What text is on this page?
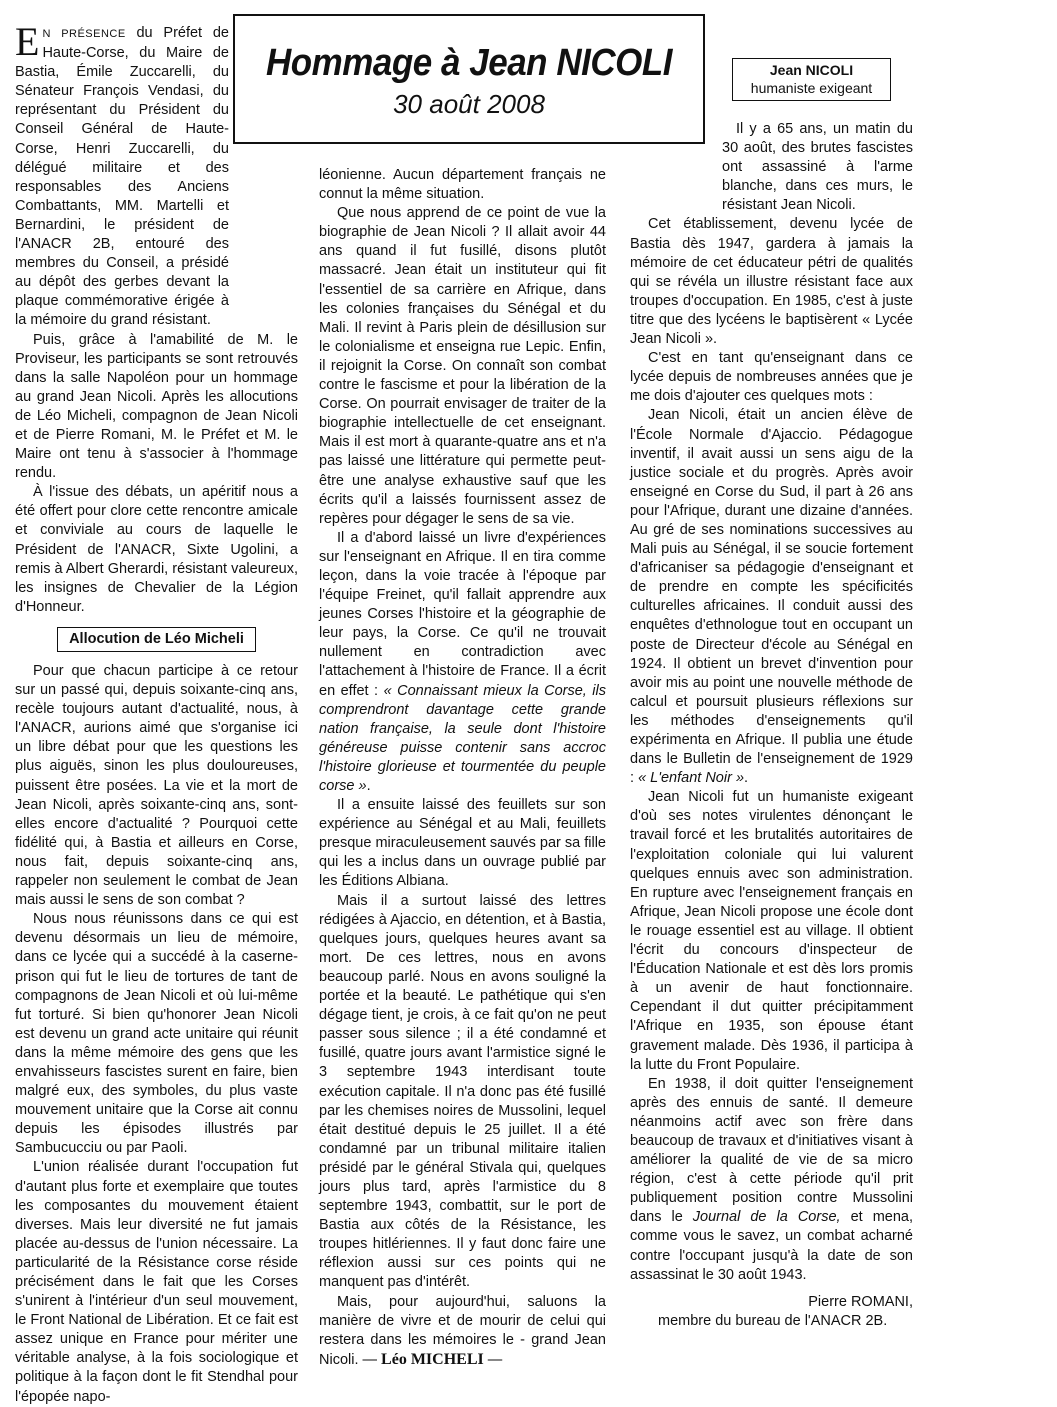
Hommage à Jean NICOLI
30 août 2008
Jean NICOLI
humaniste exigeant

E N PRÉSENCE du Préfet de Haute-Corse, du Maire de Bastia, Émile Zuccarelli, du Sénateur François Vendasi, du représentant du Président du Conseil Général de Haute-Corse, Henri Zuccarelli, du délégué militaire et des responsables des Anciens Combattants, MM. Martelli et Bernardini, le président de l'ANACR 2B, entouré des membres du Conseil, a présidé au dépôt des gerbes devant la plaque commémorative érigée à la mémoire du grand résistant.

Puis, grâce à l'amabilité de M. le Proviseur, les participants se sont retrouvés dans la salle Napoléon pour un hommage au grand Jean Nicoli. Après les allocutions de Léo Micheli, compagnon de Jean Nicoli et de Pierre Romani, M. le Préfet et M. le Maire ont tenu à s'associer à l'hommage rendu.

À l'issue des débats, un apéritif nous a été offert pour clore cette rencontre amicale et conviviale au cours de laquelle le Président de l'ANACR, Sixte Ugolini, a remis à Albert Gherardi, résistant valeureux, les insignes de Chevalier de la Légion d'Honneur.

Allocution de Léo Micheli

Pour que chacun participe à ce retour sur un passé qui, depuis soixante-cinq ans, recèle toujours autant d'actualité, nous, à l'ANACR, aurions aimé que s'organise ici un libre débat pour que les questions les plus aiguës, sinon les plus douloureuses, puissent être posées. La vie et la mort de Jean Nicoli, après soixante-cinq ans, sont-elles encore d'actualité ? Pourquoi cette fidélité qui, à Bastia et ailleurs en Corse, nous fait, depuis soixante-cinq ans, rappeler non seulement le combat de Jean mais aussi le sens de son combat ?

Nous nous réunissons dans ce qui est devenu désormais un lieu de mémoire, dans ce lycée qui a succédé à la caserne-prison qui fut le lieu de tortures de tant de compagnons de Jean Nicoli et où lui-même fut torturé. Si bien qu'honorer Jean Nicoli est devenu un grand acte unitaire qui réunit dans la même mémoire des gens que les envahisseurs fascistes surent en faire, bien malgré eux, des symboles, du plus vaste mouvement unitaire que la Corse ait connu depuis les épisodes illustrés par Sambucucciu ou par Paoli.

L'union réalisée durant l'occupation fut d'autant plus forte et exemplaire que toutes les composantes du mouvement étaient diverses. Mais leur diversité ne fut jamais placée au-dessus de l'union nécessaire. La particularité de la Résistance corse réside précisément dans le fait que les Corses s'unirent à l'intérieur d'un seul mouvement, le Front National de Libération. Et ce fait est assez unique en France pour mériter une véritable analyse, à la fois sociologique et politique à la façon dont le fit Stendhal pour l'épopée napo-

léonienne. Aucun département français ne connut la même situation.

Que nous apprend de ce point de vue la biographie de Jean Nicoli ? Il allait avoir 44 ans quand il fut fusillé, disons plutôt massacré. Jean était un instituteur qui fit l'essentiel de sa carrière en Afrique, dans les colonies françaises du Sénégal et du Mali. Il revint à Paris plein de désillusion sur le colonialisme et enseigna rue Lepic. Enfin, il rejoignit la Corse. On connaît son combat contre le fascisme et pour la libération de la Corse. On pourrait envisager de traiter de la biographie intellectuelle de cet enseignant. Mais il est mort à quarante-quatre ans et n'a pas laissé une littérature qui permette peut-être une analyse exhaustive sauf que les écrits qu'il a laissés fournissent assez de repères pour dégager le sens de sa vie.

Il a d'abord laissé un livre d'expériences sur l'enseignant en Afrique. Il en tira comme leçon, dans la voie tracée à l'époque par l'équipe Freinet, qu'il fallait apprendre aux jeunes Corses l'histoire et la géographie de leur pays, la Corse. Ce qu'il ne trouvait nullement en contradiction avec l'attachement à l'histoire de France. Il a écrit en effet : « Connaissant mieux la Corse, ils comprendront davantage cette grande nation française, la seule dont l'histoire généreuse puisse contenir sans accroc l'histoire glorieuse et tourmentée du peuple corse ».

Il a ensuite laissé des feuillets sur son expérience au Sénégal et au Mali, feuillets presque miraculeusement sauvés par sa fille qui les a inclus dans un ouvrage publié par les Éditions Albiana.

Mais il a surtout laissé des lettres rédigées à Ajaccio, en détention, et à Bastia, quelques jours, quelques heures avant sa mort. De ces lettres, nous en avons beaucoup parlé. Nous en avons souligné la portée et la beauté. Le pathétique qui s'en dégage tient, je crois, à ce fait qu'on ne peut passer sous silence ; il a été condamné et fusillé, quatre jours avant l'armistice signé le 3 septembre 1943 interdisant toute exécution capitale. Il n'a donc pas été fusillé par les chemises noires de Mussolini, lequel était destitué depuis le 25 juillet. Il a été condamné par un tribunal militaire italien présidé par le général Stivala qui, quelques jours plus tard, après l'armistice du 8 septembre 1943, combattit, sur le port de Bastia aux côtés de la Résistance, les troupes hitlériennes. Il y faut donc faire une réflexion aussi sur ces points qui ne manquent pas d'intérêt.

Mais, pour aujourd'hui, saluons la manière de vivre et de mourir de celui qui restera dans les mémoires le - grand Jean Nicoli. — Léo MICHELI —

Il y a 65 ans, un matin du 30 août, des brutes fascistes ont assassiné à l'arme blanche, dans ces murs, le résistant Jean Nicoli.

Cet établissement, devenu lycée de Bastia dès 1947, gardera à jamais la mémoire de cet éducateur pétri de qualités qui se révéla un illustre résistant face aux troupes d'occupation. En 1985, c'est à juste titre que des lycéens le baptisèrent « Lycée Jean Nicoli ».

C'est en tant qu'enseignant dans ce lycée depuis de nombreuses années que je me dois d'ajouter ces quelques mots :

Jean Nicoli, était un ancien élève de l'École Normale d'Ajaccio. Pédagogue inventif, il avait aussi un sens aigu de la justice sociale et du progrès. Après avoir enseigné en Corse du Sud, il part à 26 ans pour l'Afrique, durant une dizaine d'années. Au gré de ses nominations successives au Mali puis au Sénégal, il se soucie fortement d'africaniser sa pédagogie d'enseignant et de prendre en compte les spécificités culturelles africaines. Il conduit aussi des enquêtes d'ethnologue tout en occupant un poste de Directeur d'école au Sénégal en 1924. Il obtient un brevet d'invention pour avoir mis au point une nouvelle méthode de calcul et poursuit plusieurs réflexions sur les méthodes d'enseignements qu'il expérimenta en Afrique. Il publia une étude dans le Bulletin de l'enseignement de 1929 : « L'enfant Noir ».

Jean Nicoli fut un humaniste exigeant d'où ses notes virulentes dénonçant le travail forcé et les brutalités autoritaires de l'exploitation coloniale qui lui valurent quelques ennuis avec son administration. En rupture avec l'enseignement français en Afrique, Jean Nicoli propose une école dont le rouage essentiel est au village. Il obtient l'écrit du concours d'inspecteur de l'Éducation Nationale et est dès lors promis à un avenir de haut fonctionnaire. Cependant il dut quitter précipitamment l'Afrique en 1935, son épouse étant gravement malade. Dès 1936, il participa à la lutte du Front Populaire.

En 1938, il doit quitter l'enseignement après des ennuis de santé. Il demeure néanmoins actif avec son frère dans beaucoup de travaux et d'initiatives visant à améliorer la qualité de vie de sa micro région, c'est à cette période qu'il prit publiquement position contre Mussolini dans le Journal de la Corse, et mena, comme vous le savez, un combat acharné contre l'occupant jusqu'à la date de son assassinat le 30 août 1943.

Pierre ROMANI,
membre du bureau de l'ANACR 2B.
